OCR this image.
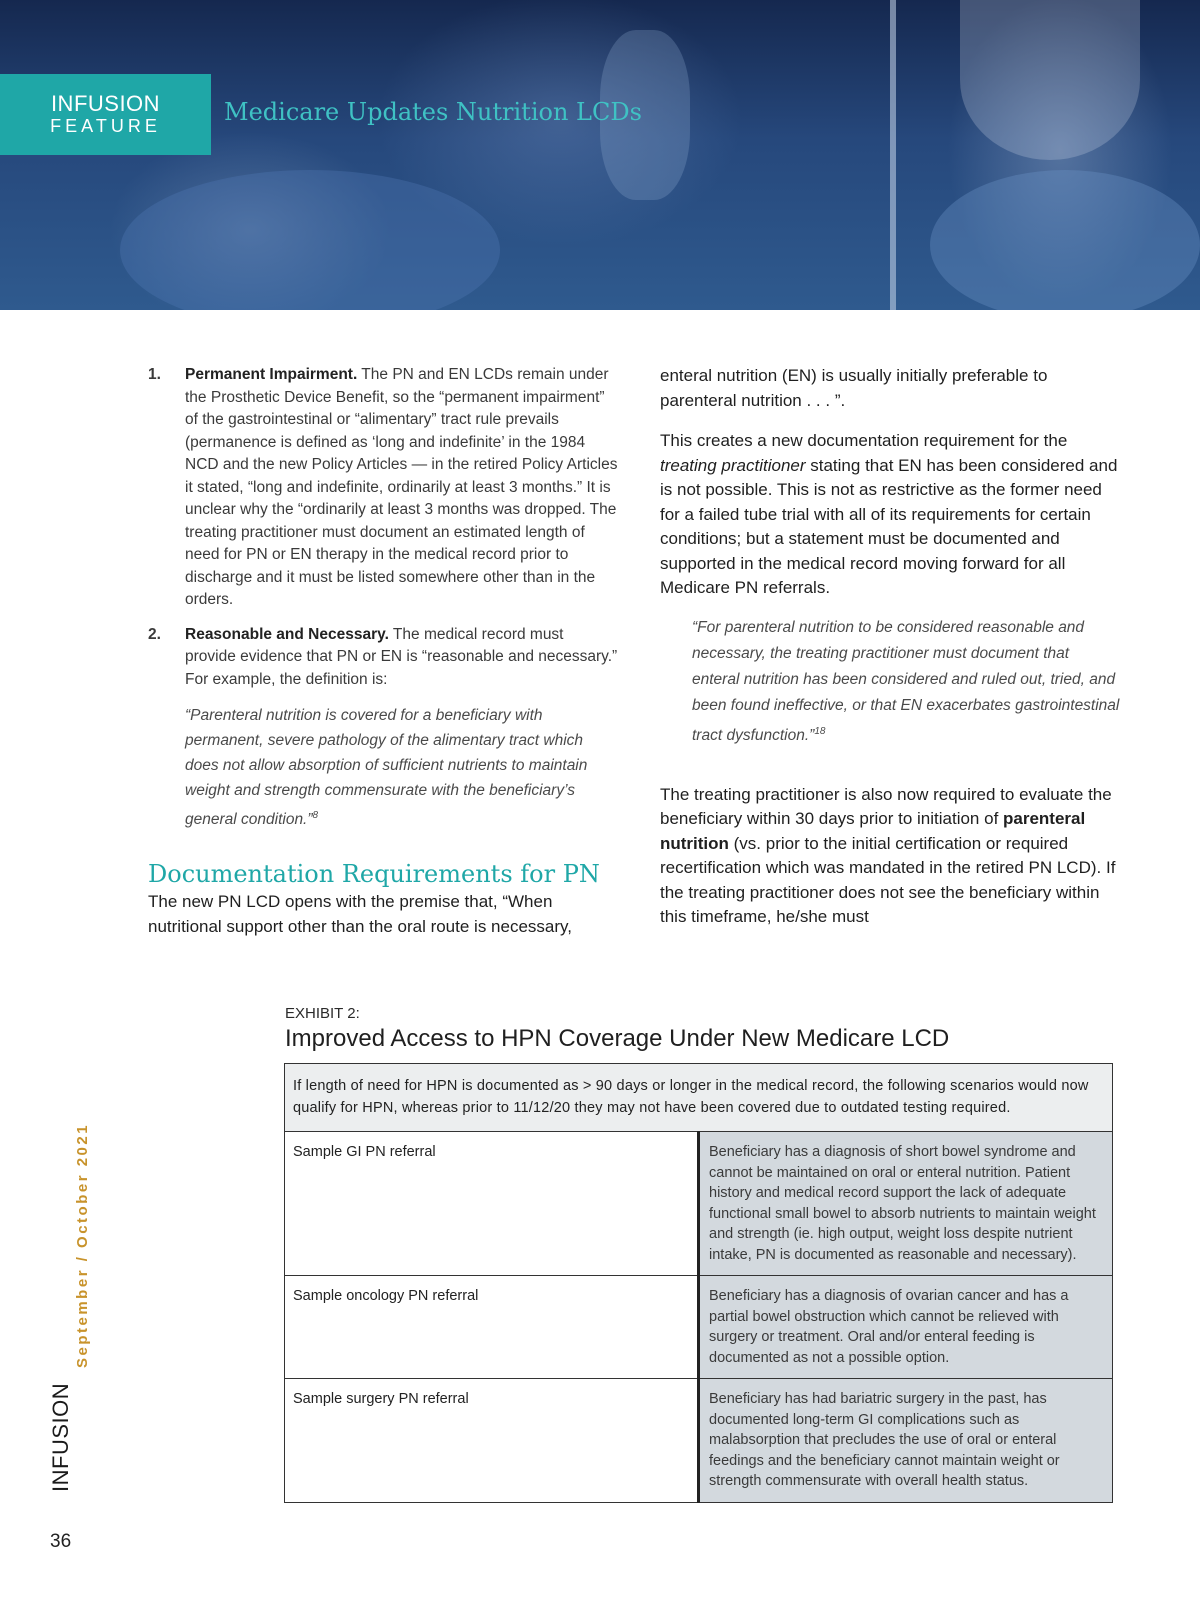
INFUSION
FEATURE	Medicare Updates Nutrition LCDs
1. Permanent Impairment. The PN and EN LCDs remain under the Prosthetic Device Benefit, so the “permanent impairment” of the gastrointestinal or “alimentary” tract rule prevails (permanence is defined as ‘long and indefinite’ in the 1984 NCD and the new Policy Articles — in the retired Policy Articles it stated, “long and indefinite, ordinarily at least 3 months.” It is unclear why the “ordinarily at least 3 months was dropped. The treating practitioner must document an estimated length of need for PN or EN therapy in the medical record prior to discharge and it must be listed somewhere other than in the orders.
2. Reasonable and Necessary. The medical record must provide evidence that PN or EN is “reasonable and necessary.” For example, the definition is:
“Parenteral nutrition is covered for a beneficiary with permanent, severe pathology of the alimentary tract which does not allow absorption of sufficient nutrients to maintain weight and strength commensurate with the beneficiary’s general condition.”$^8$
Documentation Requirements for PN
The new PN LCD opens with the premise that, “When nutritional support other than the oral route is necessary,

enteral nutrition (EN) is usually initially preferable to parenteral nutrition . . . ”.

This creates a new documentation requirement for the treating practitioner stating that EN has been considered and is not possible. This is not as restrictive as the former need for a failed tube trial with all of its requirements for certain conditions; but a statement must be documented and supported in the medical record moving forward for all Medicare PN referrals.

“For parenteral nutrition to be considered reasonable and necessary, the treating practitioner must document that enteral nutrition has been considered and ruled out, tried, and been found ineffective, or that EN exacerbates gastrointestinal tract dysfunction.”$^{18}$

The treating practitioner is also now required to evaluate the beneficiary within 30 days prior to initiation of parenteral nutrition (vs. prior to the initial certification or required recertification which was mandated in the retired PN LCD). If the treating practitioner does not see the beneficiary within this timeframe, he/she must

EXHIBIT 2:
Improved Access to HPN Coverage Under New Medicare LCD
If length of need for HPN is documented as > 90 days or longer in the medical record, the following scenarios would now qualify for HPN, whereas prior to 11/12/20 they may not have been covered due to outdated testing required.	
Sample GI PN referral	Beneficiary has a diagnosis of short bowel syndrome and cannot be maintained on oral or enteral nutrition. Patient history and medical record support the lack of adequate functional small bowel to absorb nutrients to maintain weight and strength (ie. high output, weight loss despite nutrient intake, PN is documented as reasonable and necessary).
Sample oncology PN referral	Beneficiary has a diagnosis of ovarian cancer and has a partial bowel obstruction which cannot be relieved with surgery or treatment. Oral and/or enteral feeding is documented as not a possible option.
Sample surgery PN referral	Beneficiary has had bariatric surgery in the past, has documented long-term GI complications such as malabsorption that precludes the use of oral or enteral feedings and the beneficiary cannot maintain weight or strength commensurate with overall health status.
September / October 2021
INFUSION
36
